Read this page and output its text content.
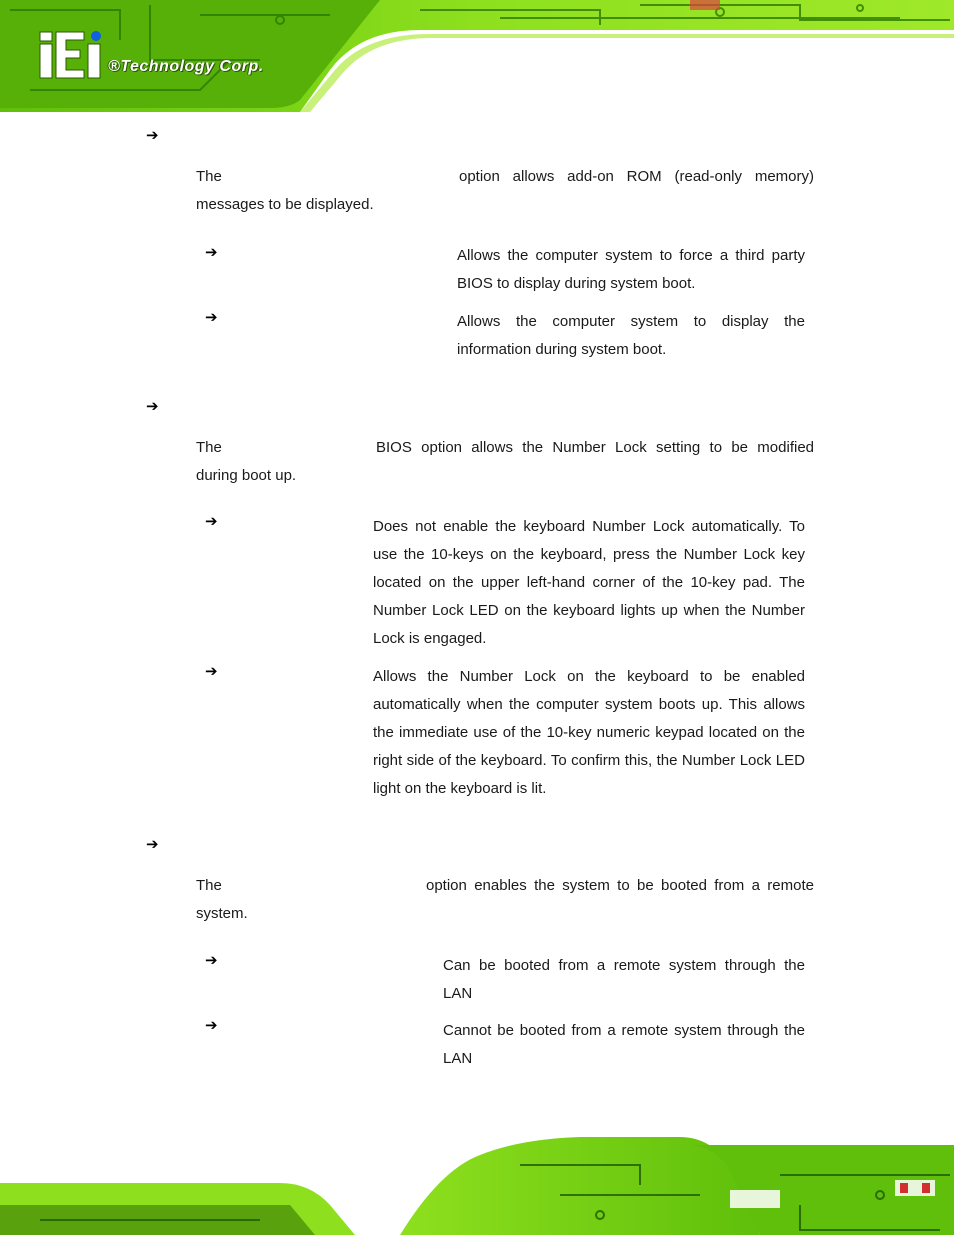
®Technology Corp.
➔
The	option allows add-on ROM (read-only memory)
messages to be displayed.
➔	Allows the computer system to force a third party
BIOS to display during system boot.
➔	Allows the computer system to display the
information during system boot.
➔
The	BIOS option allows the Number Lock setting to be modified
during boot up.
➔	Does not enable the keyboard Number Lock automatically. To use the 10-keys on the keyboard, press the Number Lock key located on the upper left-hand corner of the 10-key pad. The Number Lock LED on the keyboard lights up when the Number Lock is engaged.

➔	Allows the Number Lock on the keyboard to be enabled automatically when the computer system boots up. This allows the immediate use of the 10-key numeric keypad located on the right side of the keyboard. To confirm this, the Number Lock LED light on the keyboard is lit.

➔
The	option enables the system to be booted from a remote
system.
➔	Can be booted from a remote system through the
LAN
➔	Cannot be booted from a remote system through the
LAN
